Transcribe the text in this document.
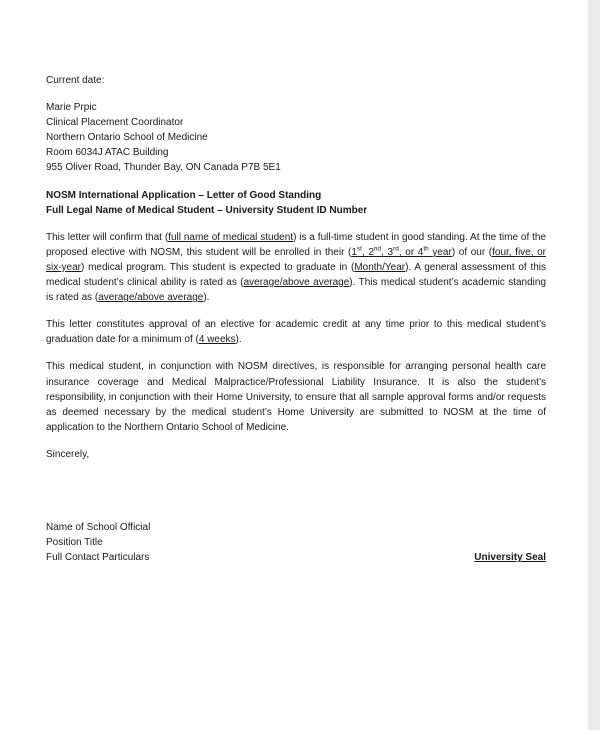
Current date:
Marie Prpic
Clinical Placement Coordinator
Northern Ontario School of Medicine
Room 6034J ATAC Building
955 Oliver Road, Thunder Bay, ON Canada P7B 5E1
NOSM International Application – Letter of Good Standing
Full Legal Name of Medical Student – University Student ID Number

This letter will confirm that (full name of medical student) is a full-time student in good standing. At the time of the proposed elective with NOSM, this student will be enrolled in their (1st, 2nd, 3rd, or 4th year) of our (four, five, or six-year) medical program. This student is expected to graduate in (Month/Year). A general assessment of this medical student’s clinical ability is rated as (average/above average). This medical student’s academic standing is rated as (average/above average).

This letter constitutes approval of an elective for academic credit at any time prior to this medical student’s graduation date for a minimum of (4 weeks).

This medical student, in conjunction with NOSM directives, is responsible for arranging personal health care insurance coverage and Medical Malpractice/Professional Liability Insurance. It is also the student’s responsibility, in conjunction with their Home University, to ensure that all sample approval forms and/or requests as deemed necessary by the medical student’s Home University are submitted to NOSM at the time of application to the Northern Ontario School of Medicine.

Sincerely,
Name of School Official
Position Title
Full Contact Particulars	University Seal
